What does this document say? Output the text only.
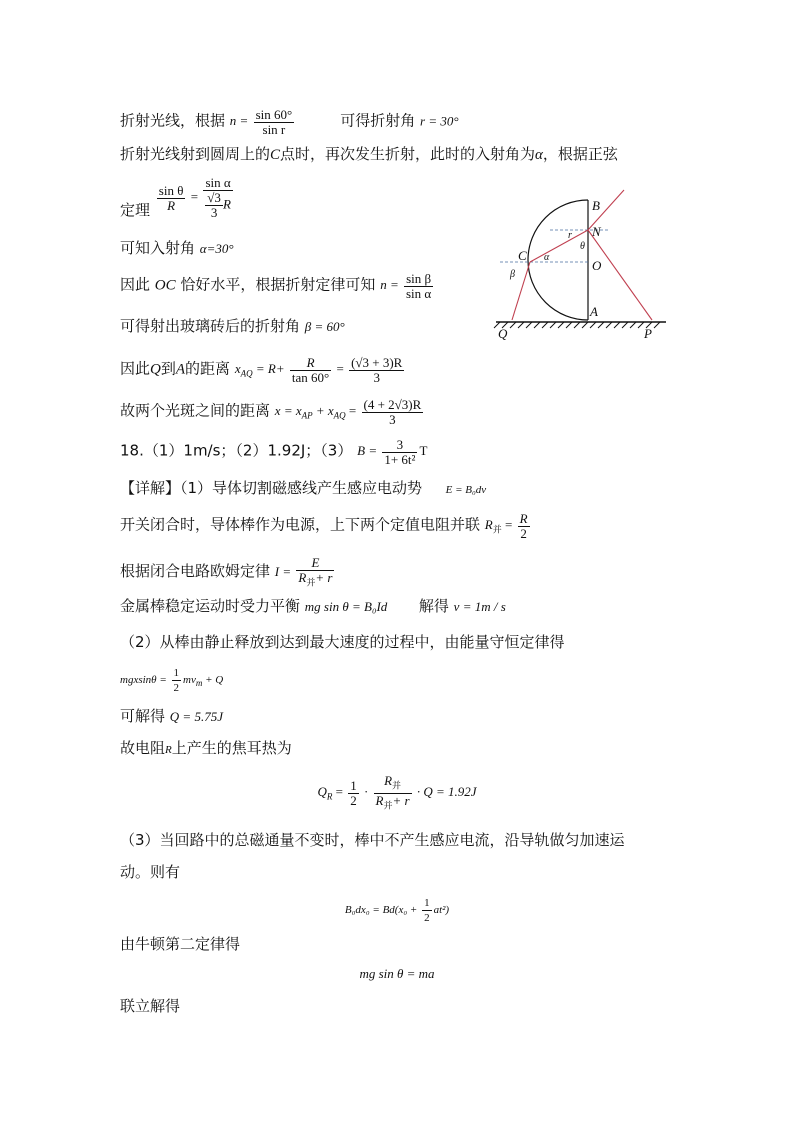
折射光线，根据 $n = \frac{\sin 60^\circ}{\text{sin r}}$	可得折射角 r = 30°
折射光线射到圆周上的C点时，再次发生折射，此时的入射角为α，根据正弦
定理 $\frac{\text{sin θ}}{R} = \frac{\text{sin α}}{\frac{√3}{3} R}$
可知入射角 α=30°
因此 OC 恰好水平，根据折射定律可知 $n = \frac{\text{sin β}}{\text{sin α}}$
可得射出玻璃砖后的折射角 β = 60°
因此Q到A的距离 $x_{AQ} = R+ \frac{R}{\tan 60^\circ} = \frac{(√3 + 3)R}{3}$
故两个光斑之间的距离 $x = x_{AP} + x_{AQ} = \frac{(4 + 2√3)R}{3}$
18.（1）1m/s；（2）1.92J；（3） $B = \frac{3}{\text{1+ 6t²}}$ T
【详解】（1）导体切割磁感线产生感应电动势 E = B₀dv
开关闭合时，导体棒作为电源，上下两个定值电阻并联 $R_并 = \frac{R}{2}$
根据闭合电路欧姆定律 $I = \frac{E}{R_并+ r}$
金属棒稳定运动时受力平衡 mg sin θ = B₀Id 解得 v = 1m / s
（2）从棒由静止释放到达到最大速度的过程中，由能量守恒定律得
$mgxsin\theta = \frac{1}{2} mv_m + Q$
可解得 Q = 5.75J
故电阻R上产生的焦耳热为
$Q_R = \frac{1}{2} \cdot \frac{R_并}{R_并+ r} \cdot Q = 1.92J$
（3）当回路中的总磁通量不变时，棒中不产生感应电流，沿导轨做匀加速运
动。则有
$B_0dx_0 = Bd(x_0 + \frac{1}{2} at^2)$
由牛顿第二定律得
mg sin θ = ma
联立解得
B
N
r
θ
C α
O
β
A
Q	P
